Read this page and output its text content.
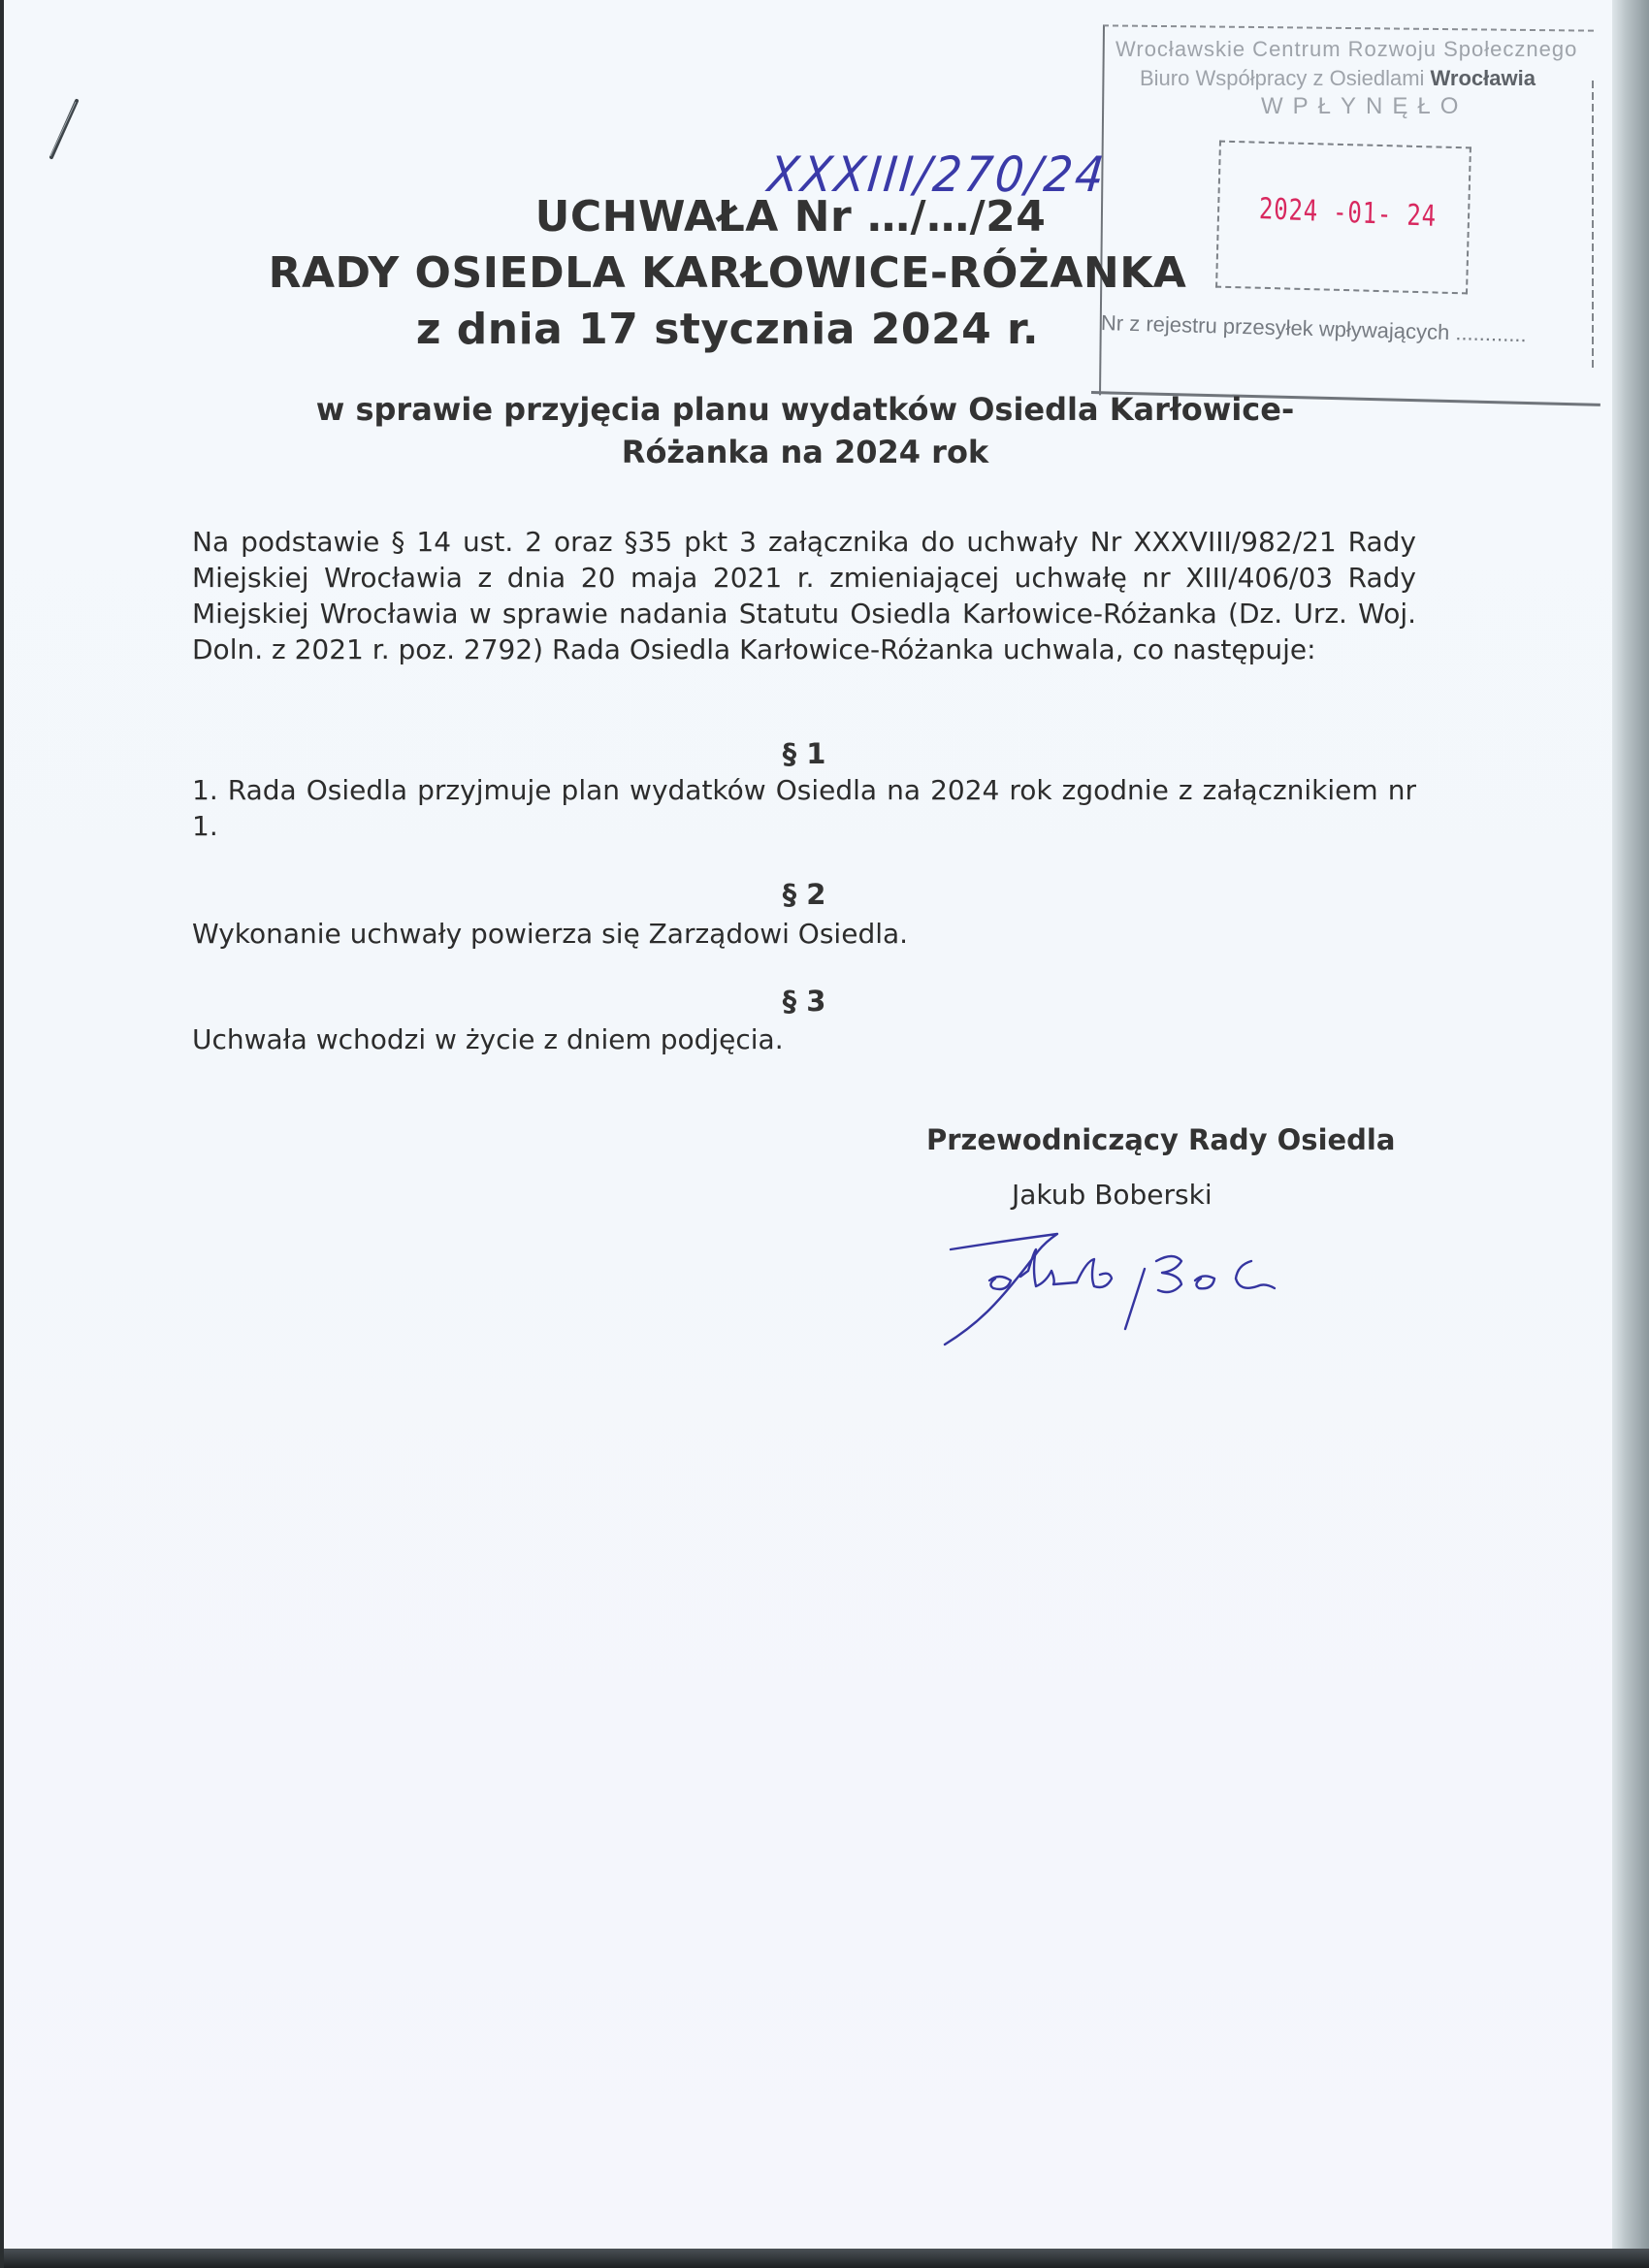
Wrocławskie Centrum Rozwoju Społecznego
Biuro Współpracy z Osiedlami Wrocławia
WPŁYNĘŁO
2024 -01- 24
Nr z rejestru przesyłek wpływających ............
XXXIII/270/24
UCHWAŁA Nr …/…/24
RADY OSIEDLA KARŁOWICE-RÓŻANKA
z dnia 17 stycznia 2024 r.
w sprawie przyjęcia planu wydatków Osiedla Karłowice-
Różanka na 2024 rok
Na podstawie § 14 ust. 2 oraz §35 pkt 3 załącznika do uchwały Nr XXXVIII/982/21 Rady Miejskiej Wrocławia z dnia 20 maja 2021 r. zmieniającej uchwałę nr XIII/406/03 Rady Miejskiej Wrocławia w sprawie nadania Statutu Osiedla Karłowice-Różanka (Dz. Urz. Woj. Doln. z 2021 r. poz. 2792) Rada Osiedla Karłowice-Różanka uchwala, co następuje:
§ 1
1. Rada Osiedla przyjmuje plan wydatków Osiedla na 2024 rok zgodnie z załącznikiem nr 1.
§ 2
Wykonanie uchwały powierza się Zarządowi Osiedla.
§ 3
Uchwała wchodzi w życie z dniem podjęcia.
Przewodniczący Rady Osiedla
Jakub Boberski
